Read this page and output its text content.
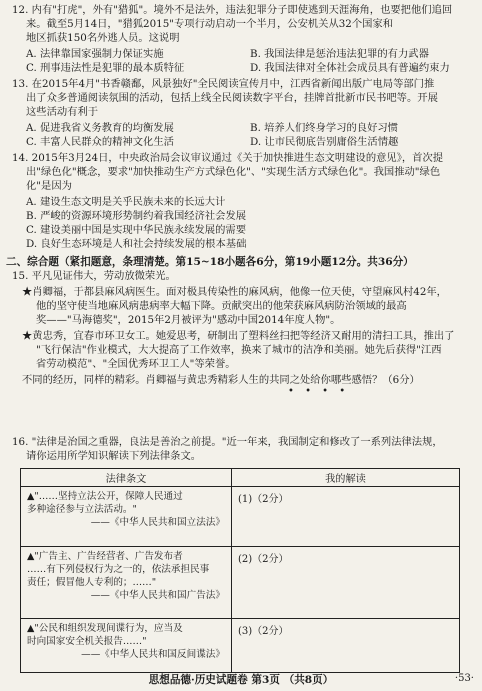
12. 内有"打虎"，外有"猎狐"。境外不是法外，违法犯罪分子即使逃到天涯海角，也要把他们追回
来。截至5月14日，"猎狐2015"专项行动启动一个半月，公安机关从32个国家和
地区抓获150名外逃人员。这说明
A. 法律靠国家强制力保证实施	B. 我国法律是惩治违法犯罪的有力武器
C. 刑事违法性是犯罪的最本质特征	D. 我国法律对全体社会成员具有普遍约束力
13. 在2015年4月"书香赣鄱，风景独好"全民阅读宣传月中，江西省新闻出版广电局等部门推
出了众多普通阅读氛围的活动，包括上线全民阅读数字平台，挂牌首批新市民书吧等。开展
这些活动有利于
A. 促进我省义务教育的均衡发展	B. 培养人们终身学习的良好习惯
C. 丰富人民群众的精神文化生活	D. 让市民彻底告别庸俗生活情趣
14. 2015年3月24日，中央政治局会议审议通过《关于加快推进生态文明建设的意见》，首次提
出"绿色化"概念，要求"加快推动生产方式绿色化"、"实现生活方式绿色化"。我国推动"绿色
化"是因为
A. 建设生态文明是关乎民族未来的长远大计
B. 严峻的资源环境形势制约着我国经济社会发展
C. 建设美丽中国是实现中华民族永续发展的需要
D. 良好生态环境是人和社会持续发展的根本基础
二、综合题（紧扣题意，条理清楚。第15~18小题各6分，第19小题12分。共36分）
15. 平凡见证伟大，劳动放微荣光。
★肖卿福，于都县麻风病医生。面对极具传染性的麻风病，他像一位天使，守望麻风村42年，
他的坚守使当地麻风病患病率大幅下降。贡献突出的他荣获麻风病防治领域的最高
奖——"马海德奖"，2015年2月被评为"感动中国2014年度人物"。
★黄忠秀，宜春市环卫女工。她爱思考，研制出了塑料丝扫把等经济又耐用的清扫工具，推出了
"飞行保洁"作业模式，大大提高了工作效率，换来了城市的洁净和美丽。她先后获得"江西
省劳动模范"、"全国优秀环卫工人"等荣誉。
不同的经历，同样的精彩。肖卿福与黄忠秀精彩人生的共同之处给你哪些感悟？（6分）
• • • •
16. "法律是治国之重器，良法是善治之前提。"近一年来，我国制定和修改了一系列法律法规，
请你运用所学知识解读下列法律条文。
法律条文	我的解读

▲"……坚持立法公开，保障人民通过
多种途径参与立法活动。"
——《中华人民共和国立法法》	(1)（2分）

▲"广告主、广告经营者、广告发布者
……有下列侵权行为之一的，依法承担民事
责任；假冒他人专利的；……"
——《中华人民共和国广告法》	(2)（2分）

▲"公民和组织发现间谍行为，应当及
时向国家安全机关报告……"
——《中华人民共和国反间谍法》	(3)（2分）
思想品德·历史试题卷 第3页 （共8页）	·53·
